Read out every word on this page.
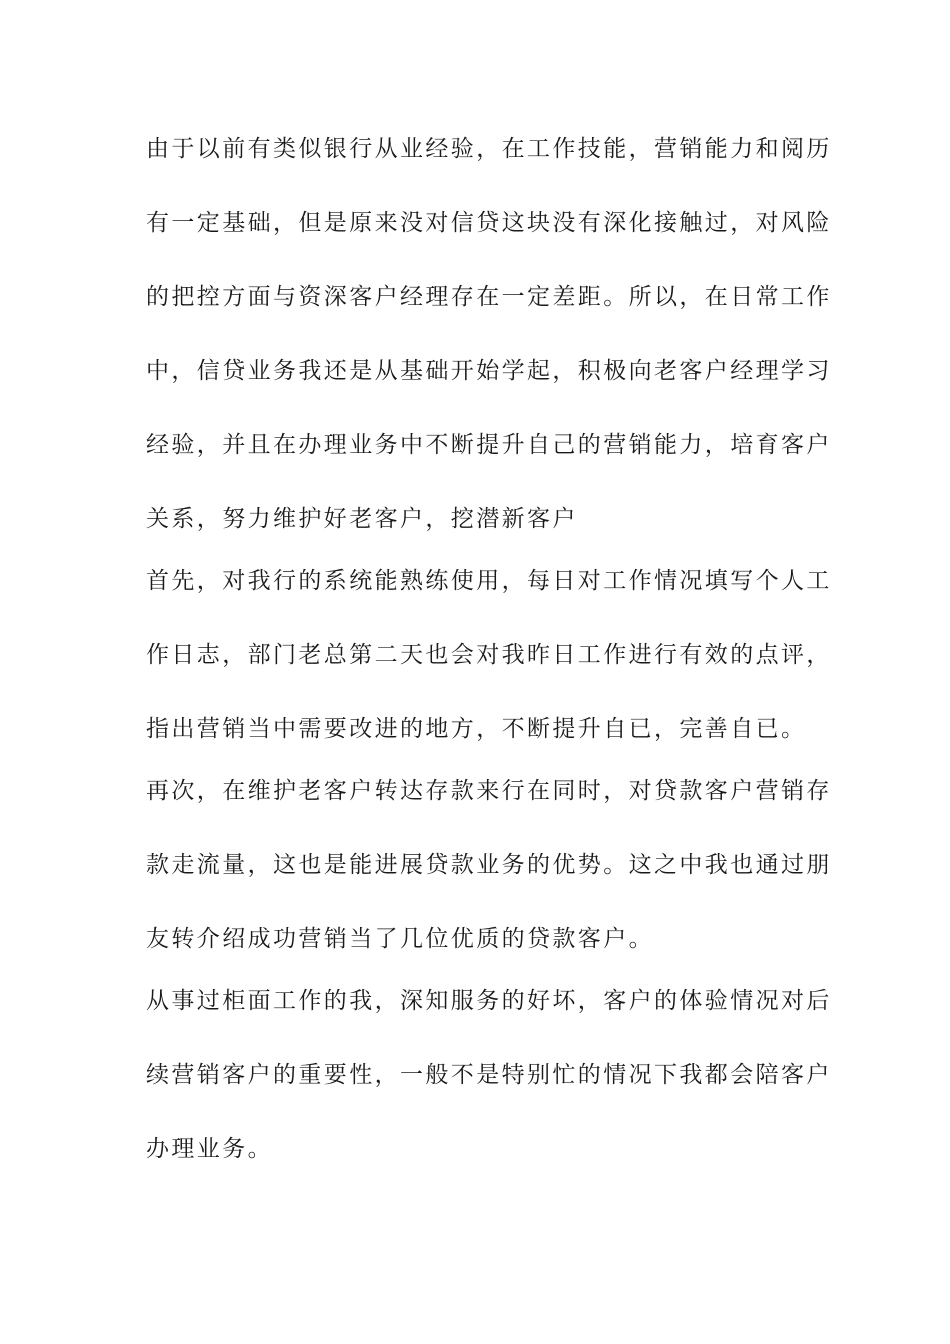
由于以前有类似银行从业经验，在工作技能，营销能力和阅历

有一定基础，但是原来没对信贷这块没有深化接触过，对风险

的把控方面与资深客户经理存在一定差距。所以，在日常工作

中，信贷业务我还是从基础开始学起，积极向老客户经理学习

经验，并且在办理业务中不断提升自己的营销能力，培育客户

关系，努力维护好老客户，挖潜新客户

首先，对我行的系统能熟练使用，每日对工作情况填写个人工

作日志，部门老总第二天也会对我昨日工作进行有效的点评，

指出营销当中需要改进的地方，不断提升自已，完善自已。

再次，在维护老客户转达存款来行在同时，对贷款客户营销存

款走流量，这也是能进展贷款业务的优势。这之中我也通过朋

友转介绍成功营销当了几位优质的贷款客户。

从事过柜面工作的我，深知服务的好坏，客户的体验情况对后

续营销客户的重要性，一般不是特别忙的情况下我都会陪客户

办理业务。
